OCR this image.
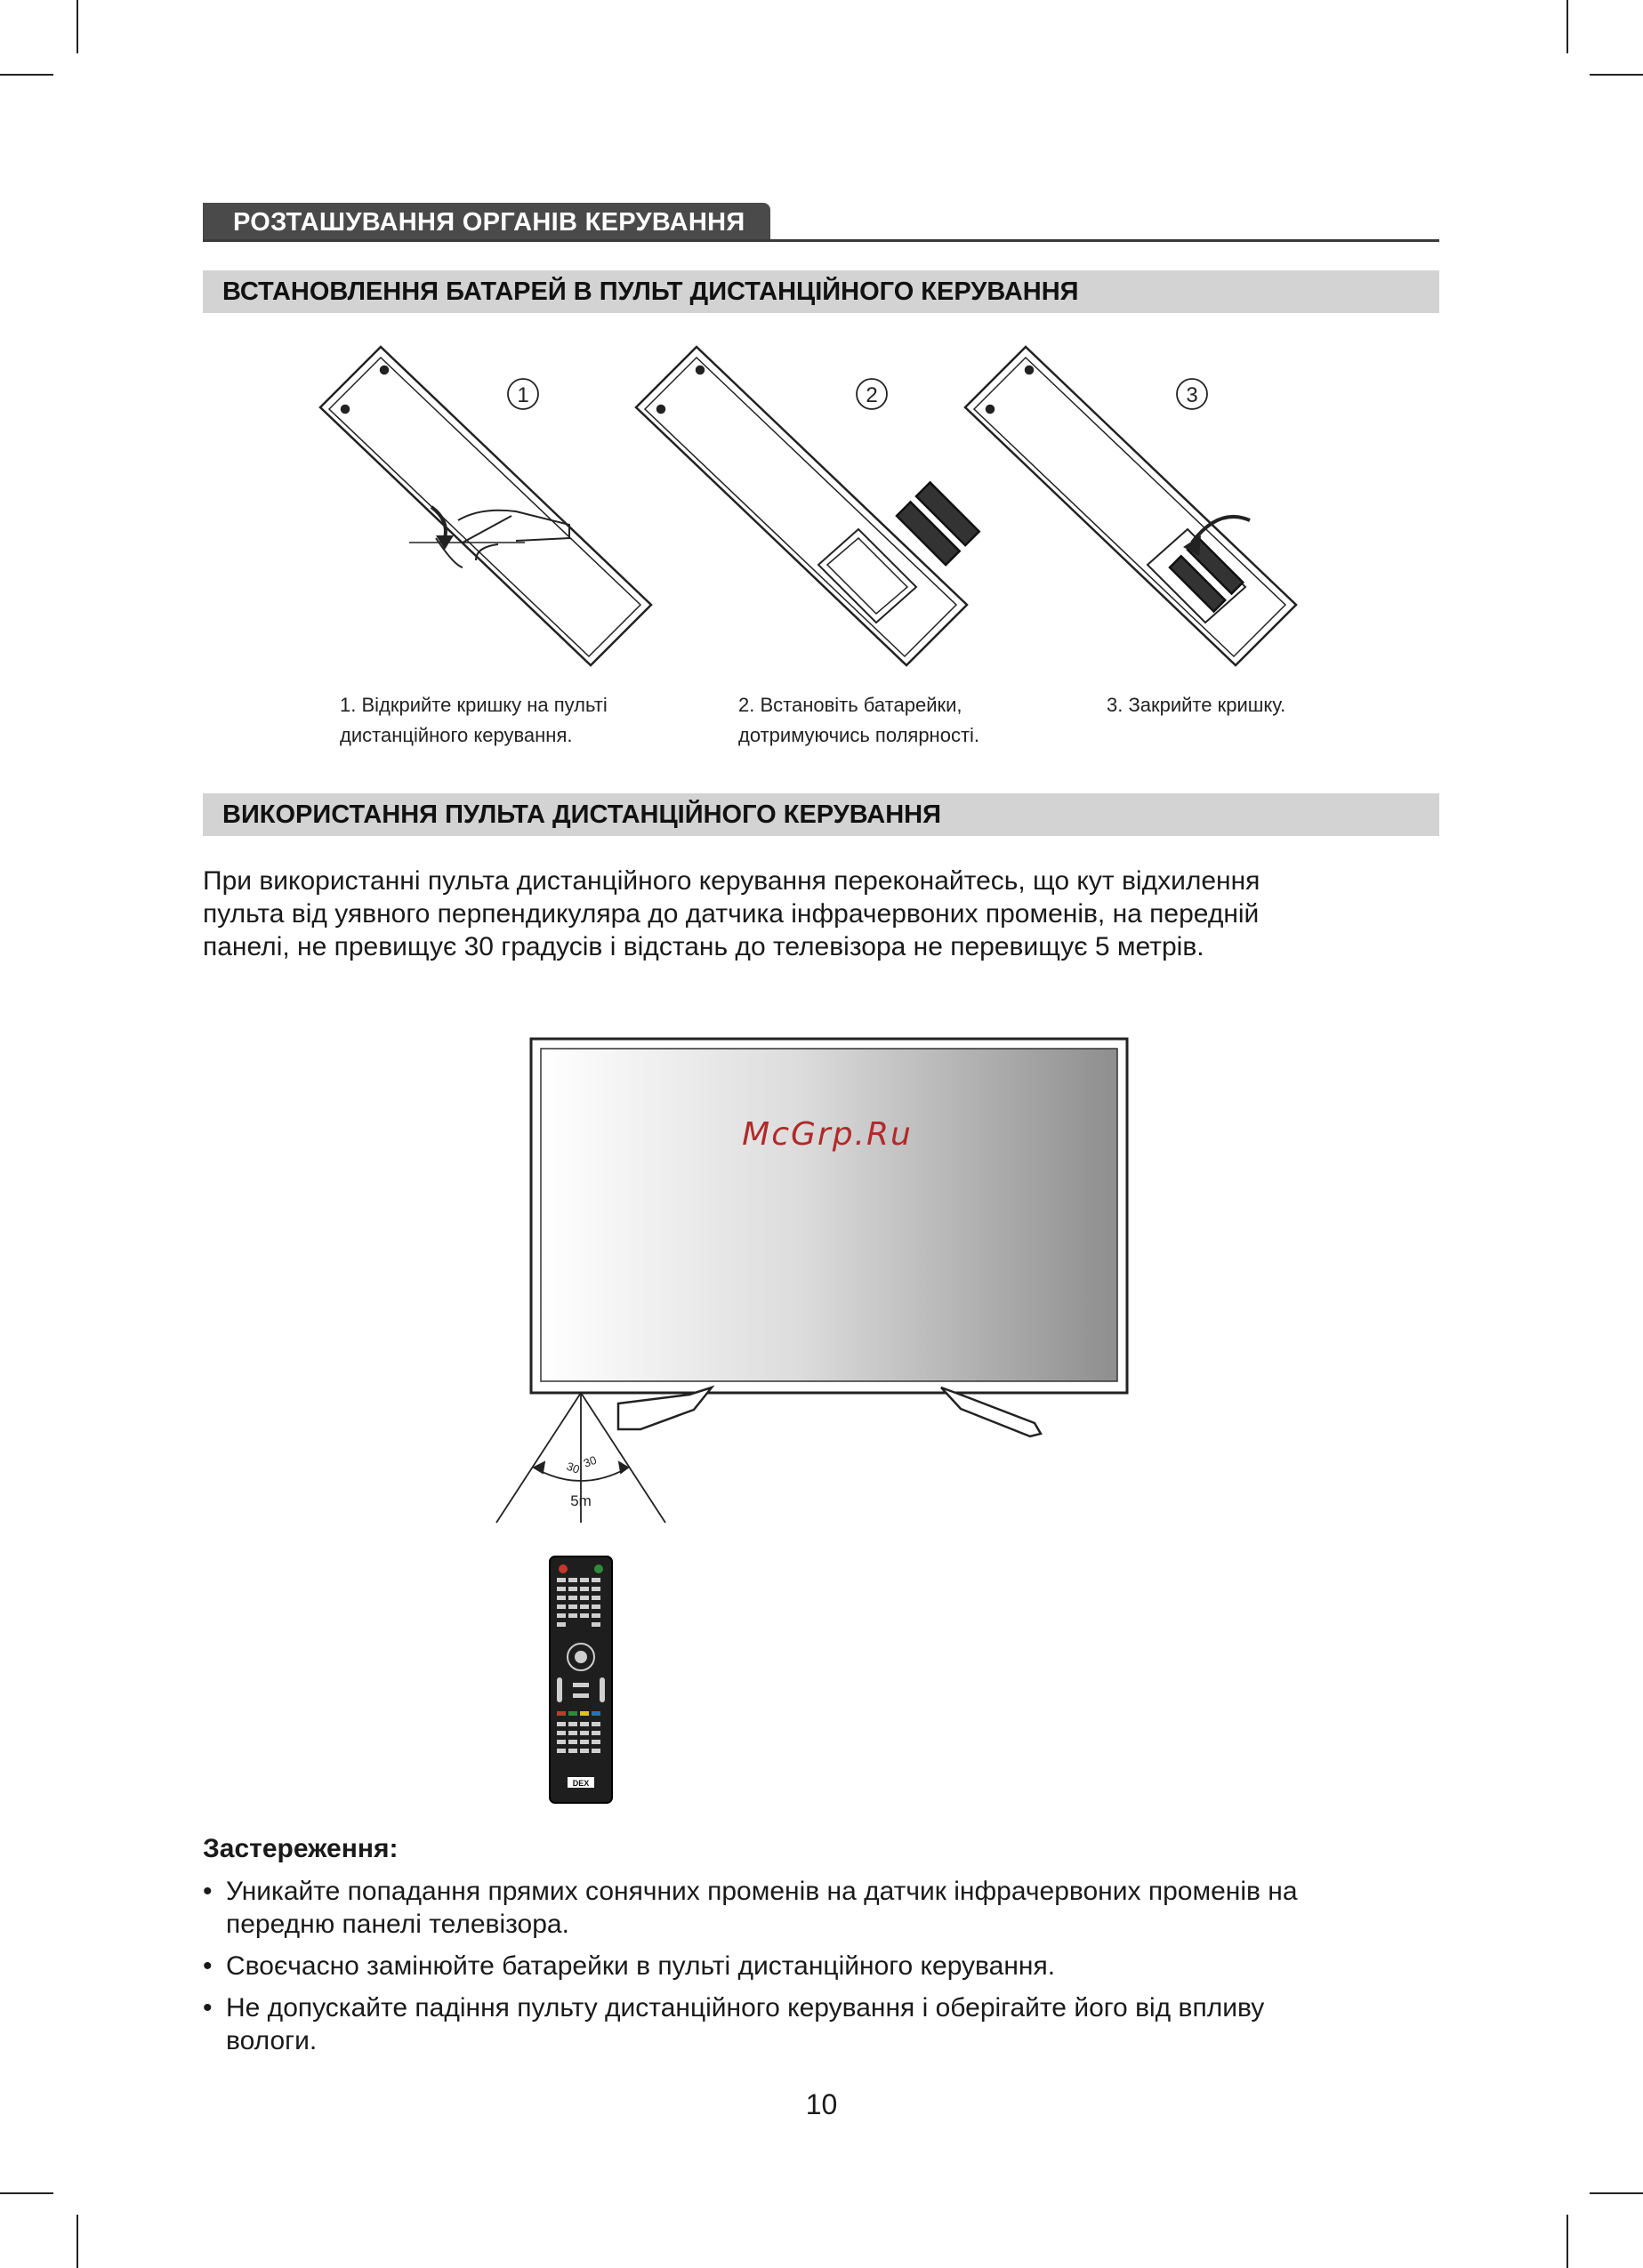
РОЗТАШУВАННЯ ОРГАНІВ КЕРУВАННЯ
ВСТАНОВЛЕННЯ БАТАРЕЙ В ПУЛЬТ ДИСТАНЦІЙНОГО КЕРУВАННЯ
1	2	3
1. Відкрийте кришку на пульті
дистанційного керування.
2. Встановіть батарейки,
дотримуючись полярності.
3. Закрийте кришку.
ВИКОРИСТАННЯ ПУЛЬТА ДИСТАНЦІЙНОГО КЕРУВАННЯ
При використанні пульта дистанційного керування переконайтесь, що кут відхилення
пульта від уявного перпендикуляра до датчика інфрачервоних променів, на передній
панелі, не превищує 30 градусів і відстань до телевізора не перевищує 5 метрів.
McGrp.Ru
30 30
5m
DEX
Застереження:
• Уникайте попадання прямих сонячних променів на датчик інфрачервоних променів на
передню панелі телевізора.
• Своєчасно замінюйте батарейки в пульті дистанційного керування.
• Не допускайте падіння пульту дистанційного керування і оберігайте його від впливу
вологи.
10
